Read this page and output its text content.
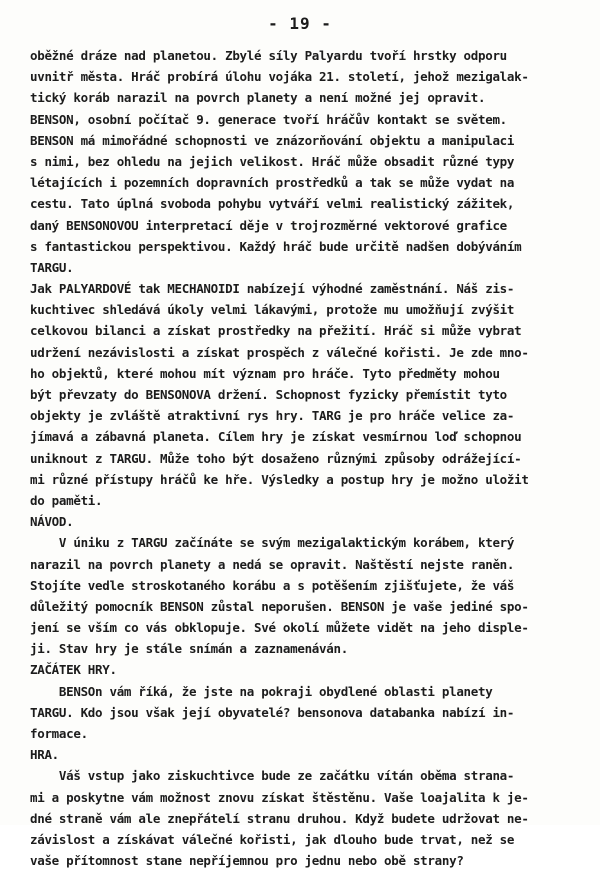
- 19 -
oběžné dráze nad planetou. Zbylé síly Palyardu tvoří hrstky odporu
uvnitř města. Hráč probírá úlohu vojáka 21. století, jehož mezigalak-
tický koráb narazil na povrch planety a není možné jej opravit.
BENSON, osobní počítač 9. generace tvoří hráčův kontakt se světem.
BENSON má mimořádné schopnosti ve znázorňování objektu a manipulaci
s nimi, bez ohledu na jejich velikost. Hráč může obsadit různé typy
létajících i pozemních dopravních prostředků a tak se může vydat na
cestu. Tato úplná svoboda pohybu vytváří velmi realistický zážitek,
daný BENSONOVOU interpretací děje v trojrozměrné vektorové grafice
s fantastickou perspektivou. Každý hráč bude určitě nadšen dobýváním
TARGU.
Jak PALYARDOVÉ tak MECHANOIDI nabízejí výhodné zaměstnání. Náš zis-
kuchtivec shledává úkoly velmi lákavými, protože mu umožňují zvýšit
celkovou bilanci a získat prostředky na přežití. Hráč si může vybrat
udržení nezávislosti a získat prospěch z válečné kořisti. Je zde mno-
ho objektů, které mohou mít význam pro hráče. Tyto předměty mohou
být převzaty do BENSONOVA držení. Schopnost fyzicky přemístit tyto
objekty je zvláště atraktivní rys hry. TARG je pro hráče velice za-
jímavá a zábavná planeta. Cílem hry je získat vesmírnou loď schopnou
uniknout z TARGU. Může toho být dosaženo různými způsoby odrážející-
mi různé přístupy hráčů ke hře. Výsledky a postup hry je možno uložit
do paměti.
NÁVOD.
V úniku z TARGU začínáte se svým mezigalaktickým korábem, který
narazil na povrch planety a nedá se opravit. Naštěstí nejste raněn.
Stojíte vedle stroskotaného korábu a s potěšením zjišťujete, že váš
důležitý pomocník BENSON zůstal neporušen. BENSON je vaše jediné spo-
jení se vším co vás obklopuje. Své okolí můžete vidět na jeho disple-
ji. Stav hry je stále snímán a zaznamenáván.
ZAČÁTEK HRY.
BENSOn vám říká, že jste na pokraji obydlené oblasti planety
TARGU. Kdo jsou však její obyvatelé? bensonova databanka nabízí in-
formace.
HRA.
Váš vstup jako ziskuchtivce bude ze začátku vítán oběma strana-
mi a poskytne vám možnost znovu získat štěstěnu. Vaše loajalita k je-
dné straně vám ale znepřátelí stranu druhou. Když budete udržovat ne-
závislost a získávat válečné kořisti, jak dlouho bude trvat, než se
vaše přítomnost stane nepříjemnou pro jednu nebo obě strany?
